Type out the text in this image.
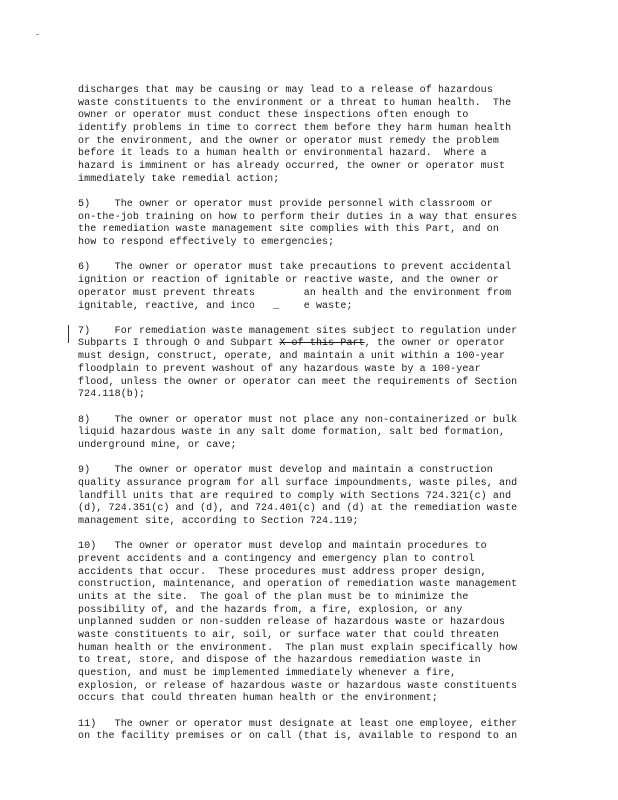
discharges that may be causing or may lead to a release of hazardous
waste constituents to the environment or a threat to human health.  The
owner or operator must conduct these inspections often enough to
identify problems in time to correct them before they harm human health
or the environment, and the owner or operator must remedy the problem
before it leads to a human health or environmental hazard.  Where a
hazard is imminent or has already occurred, the owner or operator must
immediately take remedial action;

5)    The owner or operator must provide personnel with classroom or
on-the-job training on how to perform their duties in a way that ensures
the remediation waste management site complies with this Part, and on
how to respond effectively to emergencies;

6)    The owner or operator must take precautions to prevent accidental
ignition or reaction of ignitable or reactive waste, and the owner or
operator must prevent threats        an health and the environment from
ignitable, reactive, and inco   _    e waste;

7)    For remediation waste management sites subject to regulation under
Subparts I through O and Subpart X of this Part, the owner or operator
must design, construct, operate, and maintain a unit within a 100-year
floodplain to prevent washout of any hazardous waste by a 100-year
flood, unless the owner or operator can meet the requirements of Section
724.118(b);

8)    The owner or operator must not place any non-containerized or bulk
liquid hazardous waste in any salt dome formation, salt bed formation,
underground mine, or cave;

9)    The owner or operator must develop and maintain a construction
quality assurance program for all surface impoundments, waste piles, and
landfill units that are required to comply with Sections 724.321(c) and
(d), 724.351(c) and (d), and 724.401(c) and (d) at the remediation waste
management site, according to Section 724.119;

10)   The owner or operator must develop and maintain procedures to
prevent accidents and a contingency and emergency plan to control
accidents that occur.  These procedures must address proper design,
construction, maintenance, and operation of remediation waste management
units at the site.  The goal of the plan must be to minimize the
possibility of, and the hazards from, a fire, explosion, or any
unplanned sudden or non-sudden release of hazardous waste or hazardous
waste constituents to air, soil, or surface water that could threaten
human health or the environment.  The plan must explain specifically how
to treat, store, and dispose of the hazardous remediation waste in
question, and must be implemented immediately whenever a fire,
explosion, or release of hazardous waste or hazardous waste constituents
occurs that could threaten human health or the environment;

11)   The owner or operator must designate at least one employee, either
on the facility premises or on call (that is, available to respond to an
